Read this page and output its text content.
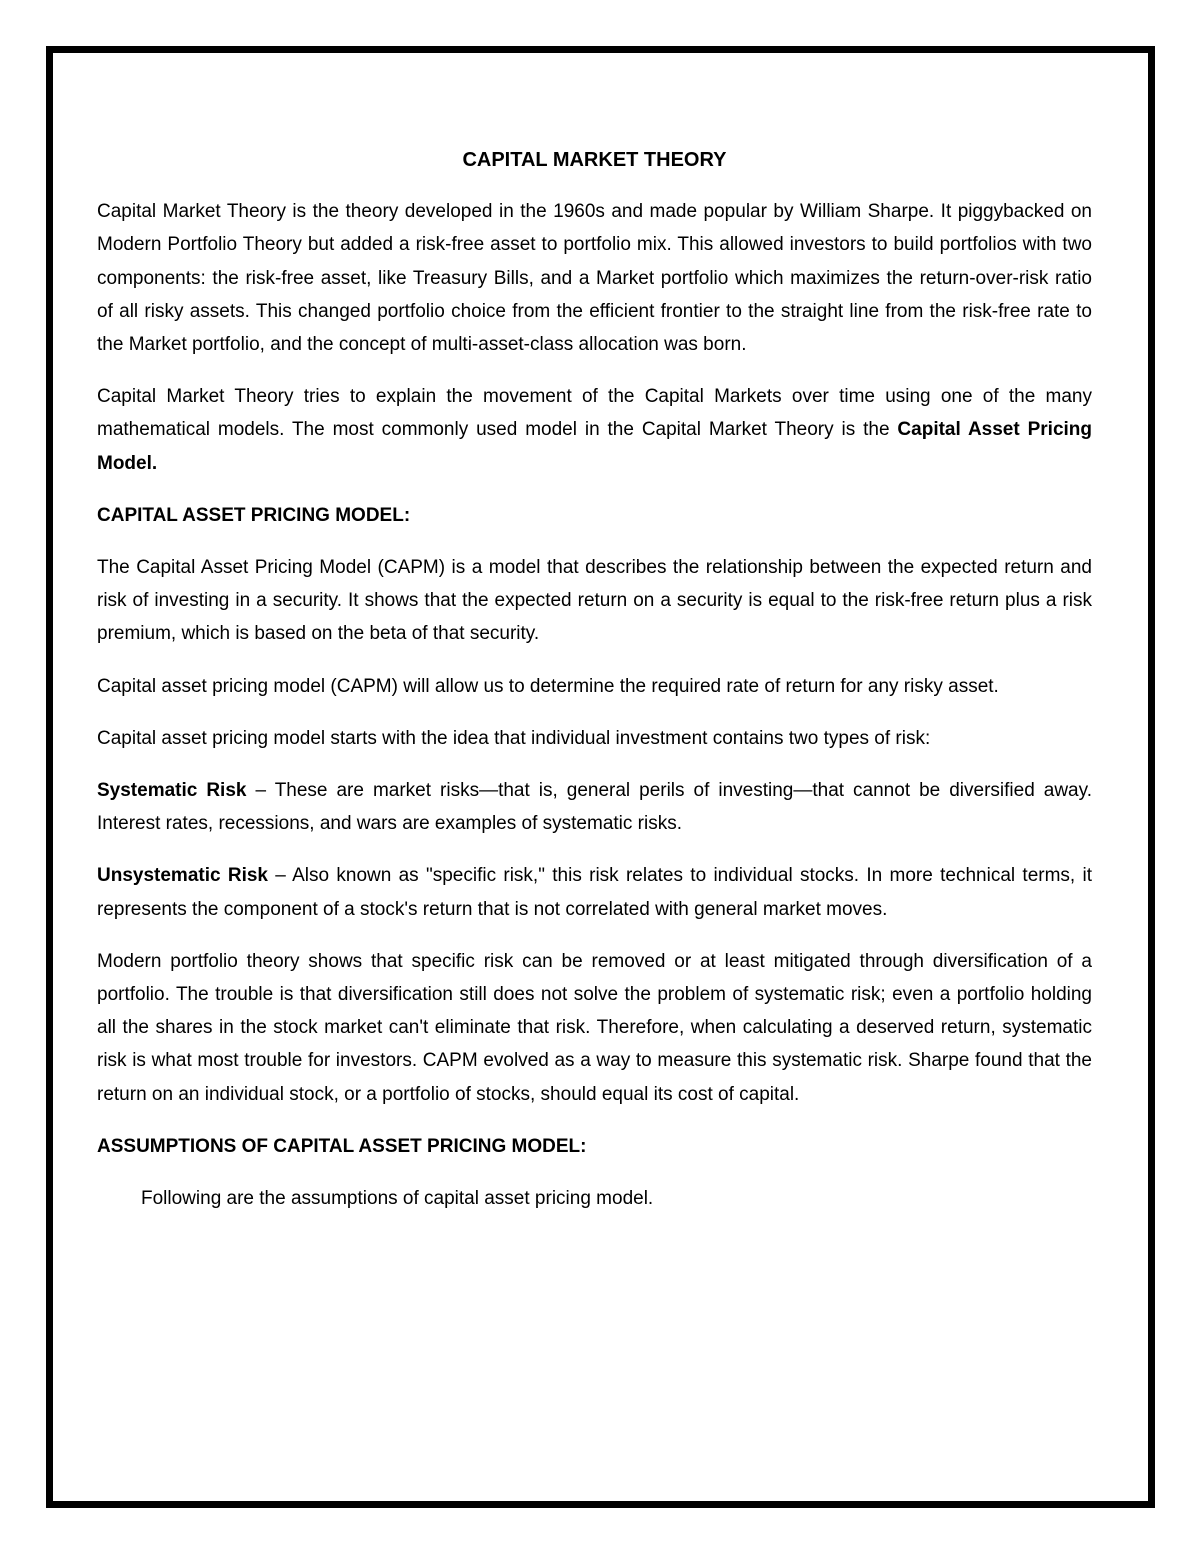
CAPITAL MARKET THEORY

Capital Market Theory is the theory developed in the 1960s and made popular by William Sharpe. It piggybacked on Modern Portfolio Theory but added a risk-free asset to portfolio mix. This allowed investors to build portfolios with two components: the risk-free asset, like Treasury Bills, and a Market portfolio which maximizes the return-over-risk ratio of all risky assets. This changed portfolio choice from the efficient frontier to the straight line from the risk-free rate to the Market portfolio, and the concept of multi-asset-class allocation was born.

Capital Market Theory tries to explain the movement of the Capital Markets over time using one of the many mathematical models. The most commonly used model in the Capital Market Theory is the Capital Asset Pricing Model.

CAPITAL ASSET PRICING MODEL:

The Capital Asset Pricing Model (CAPM) is a model that describes the relationship between the expected return and risk of investing in a security. It shows that the expected return on a security is equal to the risk-free return plus a risk premium, which is based on the beta of that security.

Capital asset pricing model (CAPM) will allow us to determine the required rate of return for any risky asset.

Capital asset pricing model starts with the idea that individual investment contains two types of risk:

Systematic Risk – These are market risks—that is, general perils of investing—that cannot be diversified away. Interest rates, recessions, and wars are examples of systematic risks.

Unsystematic Risk – Also known as "specific risk," this risk relates to individual stocks. In more technical terms, it represents the component of a stock's return that is not correlated with general market moves.

Modern portfolio theory shows that specific risk can be removed or at least mitigated through diversification of a portfolio. The trouble is that diversification still does not solve the problem of systematic risk; even a portfolio holding all the shares in the stock market can't eliminate that risk. Therefore, when calculating a deserved return, systematic risk is what most trouble for investors. CAPM evolved as a way to measure this systematic risk. Sharpe found that the return on an individual stock, or a portfolio of stocks, should equal its cost of capital.

ASSUMPTIONS OF CAPITAL ASSET PRICING MODEL:

Following are the assumptions of capital asset pricing model.
